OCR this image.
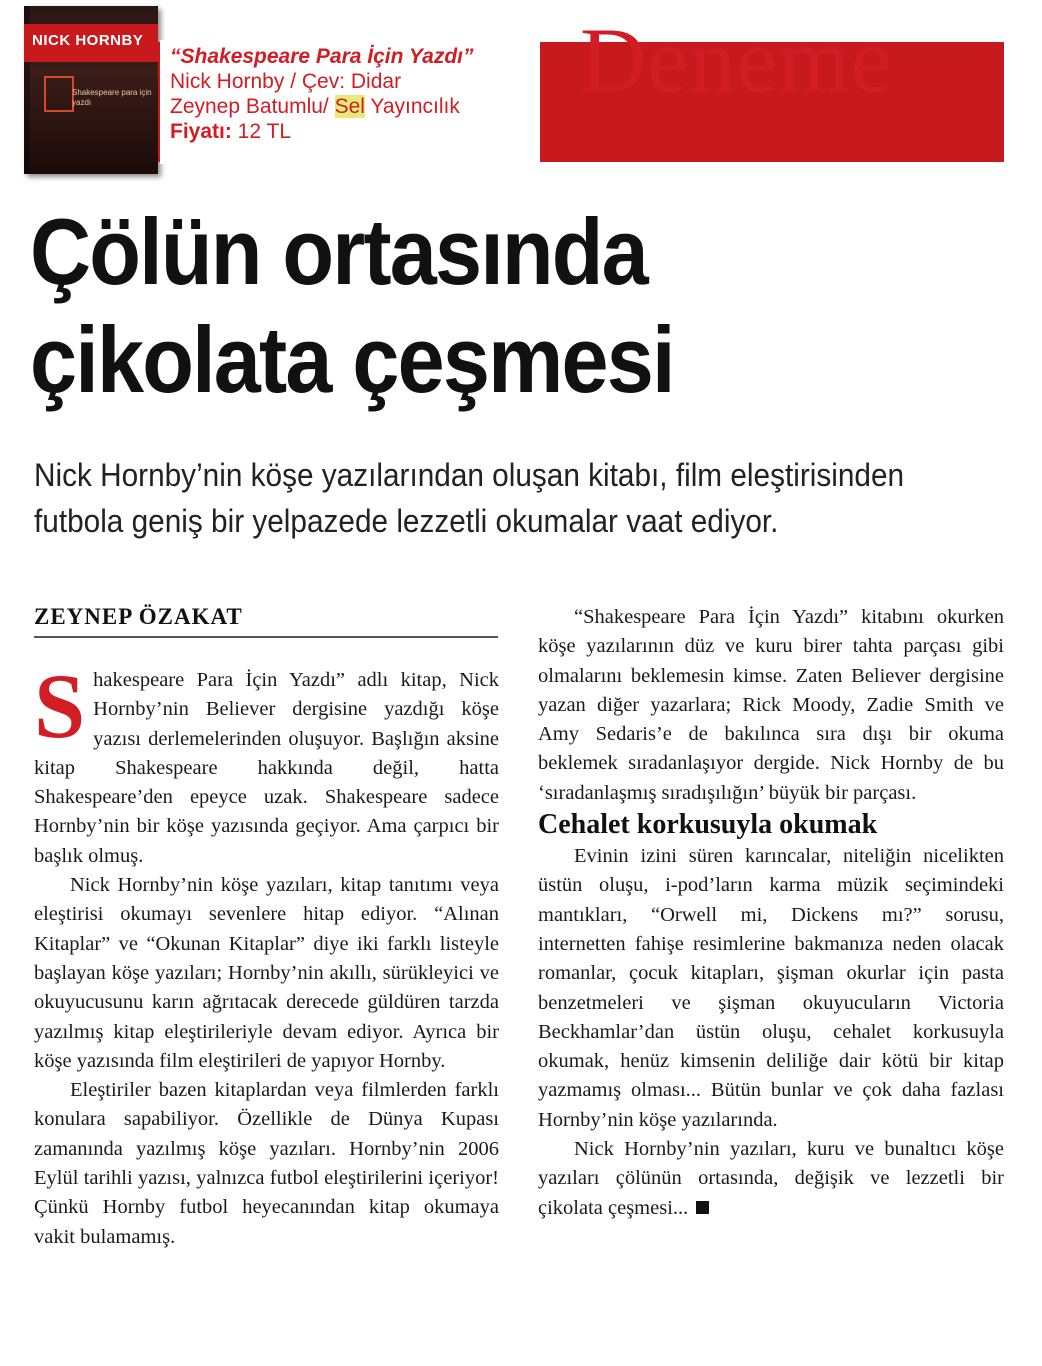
NICK HORNBY
Shakespeare para için yazdı
“Shakespeare Para İçin Yazdı”
Nick Hornby / Çev: Didar
Zeynep Batumlu/ Sel Yayıncılık
Fiyatı: 12 TL
Deneme
Çölün ortasında
çikolata çeşmesi
Nick Hornby’nin köşe yazılarından oluşan kitabı, film eleştirisinden futbola geniş bir yelpazede lezzetli okumalar vaat ediyor.
ZEYNEP ÖZAKAT

Shakespeare Para İçin Yazdı” adlı kitap, Nick Hornby’nin Believer dergisine yazdığı köşe yazısı derlemelerinden oluşuyor. Başlığın aksine kitap Shakespeare hakkında değil, hatta Shakespeare’den epeyce uzak. Shakespeare sadece Hornby’nin bir köşe yazısında geçiyor. Ama çarpıcı bir başlık olmuş.

Nick Hornby’nin köşe yazıları, kitap tanıtımı veya eleştirisi okumayı sevenlere hitap ediyor. “Alınan Kitaplar” ve “Okunan Kitaplar” diye iki farklı listeyle başlayan köşe yazıları; Hornby’nin akıllı, sürükleyici ve okuyucusunu karın ağrıtacak derecede güldüren tarzda yazılmış kitap eleştirileriyle devam ediyor. Ayrıca bir köşe yazısında film eleştirileri de yapıyor Hornby.

Eleştiriler bazen kitaplardan veya filmlerden farklı konulara sapabiliyor. Özellikle de Dünya Kupası zamanında yazılmış köşe yazıları. Hornby’nin 2006 Eylül tarihli yazısı, yalnızca futbol eleştirilerini içeriyor! Çünkü Hornby futbol heyecanından kitap okumaya vakit bulamamış.

“Shakespeare Para İçin Yazdı” kitabını okurken köşe yazılarının düz ve kuru birer tahta parçası gibi olmalarını beklemesin kimse. Zaten Believer dergisine yazan diğer yazarlara; Rick Moody, Zadie Smith ve Amy Sedaris’e de bakılınca sıra dışı bir okuma beklemek sıradanlaşıyor dergide. Nick Hornby de bu ‘sıradanlaşmış sıradışılığın’ büyük bir parçası.

Cehalet korkusuyla okumak

Evinin izini süren karıncalar, niteliğin nicelikten üstün oluşu, i-pod’ların karma müzik seçimindeki mantıkları, “Orwell mi, Dickens mı?” sorusu, internetten fahişe resimlerine bakmanıza neden olacak romanlar, çocuk kitapları, şişman okurlar için pasta benzetmeleri ve şişman okuyucuların Victoria Beckhamlar’dan üstün oluşu, cehalet korkusuyla okumak, henüz kimsenin deliliğe dair kötü bir kitap yazmamış olması... Bütün bunlar ve çok daha fazlası Hornby’nin köşe yazılarında.

Nick Hornby’nin yazıları, kuru ve bunaltıcı köşe yazıları çölünün ortasında, değişik ve lezzetli bir çikolata çeşmesi...
